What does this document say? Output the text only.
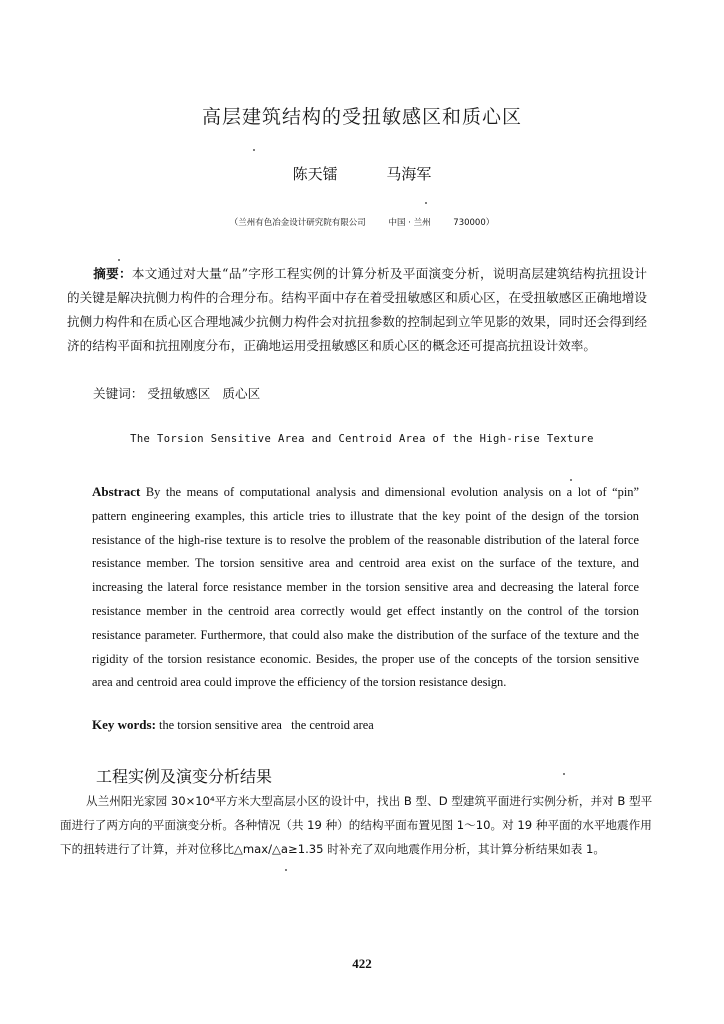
高层建筑结构的受扭敏感区和质心区
陈天镭	马海军
（兰州有色冶金设计研究院有限公司	中国 · 兰州	730000）
摘要：本文通过对大量“品”字形工程实例的计算分析及平面演变分析，说明高层建筑结构抗扭设计的关键是解决抗侧力构件的合理分布。结构平面中存在着受扭敏感区和质心区，在受扭敏感区正确地增设抗侧力构件和在质心区合理地减少抗侧力构件会对抗扭参数的控制起到立竿见影的效果，同时还会得到经济的结构平面和抗扭刚度分布，正确地运用受扭敏感区和质心区的概念还可提高抗扭设计效率。
关键词： 受扭敏感区 质心区
The Torsion Sensitive Area and Centroid Area of the High-rise Texture
Abstract By the means of computational analysis and dimensional evolution analysis on a lot of “pin” pattern engineering examples, this article tries to illustrate that the key point of the design of the torsion resistance of the high-rise texture is to resolve the problem of the reasonable distribution of the lateral force resistance member. The torsion sensitive area and centroid area exist on the surface of the texture, and increasing the lateral force resistance member in the torsion sensitive area and decreasing the lateral force resistance member in the centroid area correctly would get effect instantly on the control of the torsion resistance parameter. Furthermore, that could also make the distribution of the surface of the texture and the rigidity of the torsion resistance economic. Besides, the proper use of the concepts of the torsion sensitive area and centroid area could improve the efficiency of the torsion resistance design.
Key words: the torsion sensitive area the centroid area
工程实例及演变分析结果
从兰州阳光家园 30×10⁴平方米大型高层小区的设计中，找出 B 型、D 型建筑平面进行实例分析，并对 B 型平面进行了两方向的平面演变分析。各种情况（共 19 种）的结构平面布置见图 1～10。对 19 种平面的水平地震作用下的扭转进行了计算，并对位移比△max/△a≥1.35 时补充了双向地震作用分析，其计算分析结果如表 1。
422
